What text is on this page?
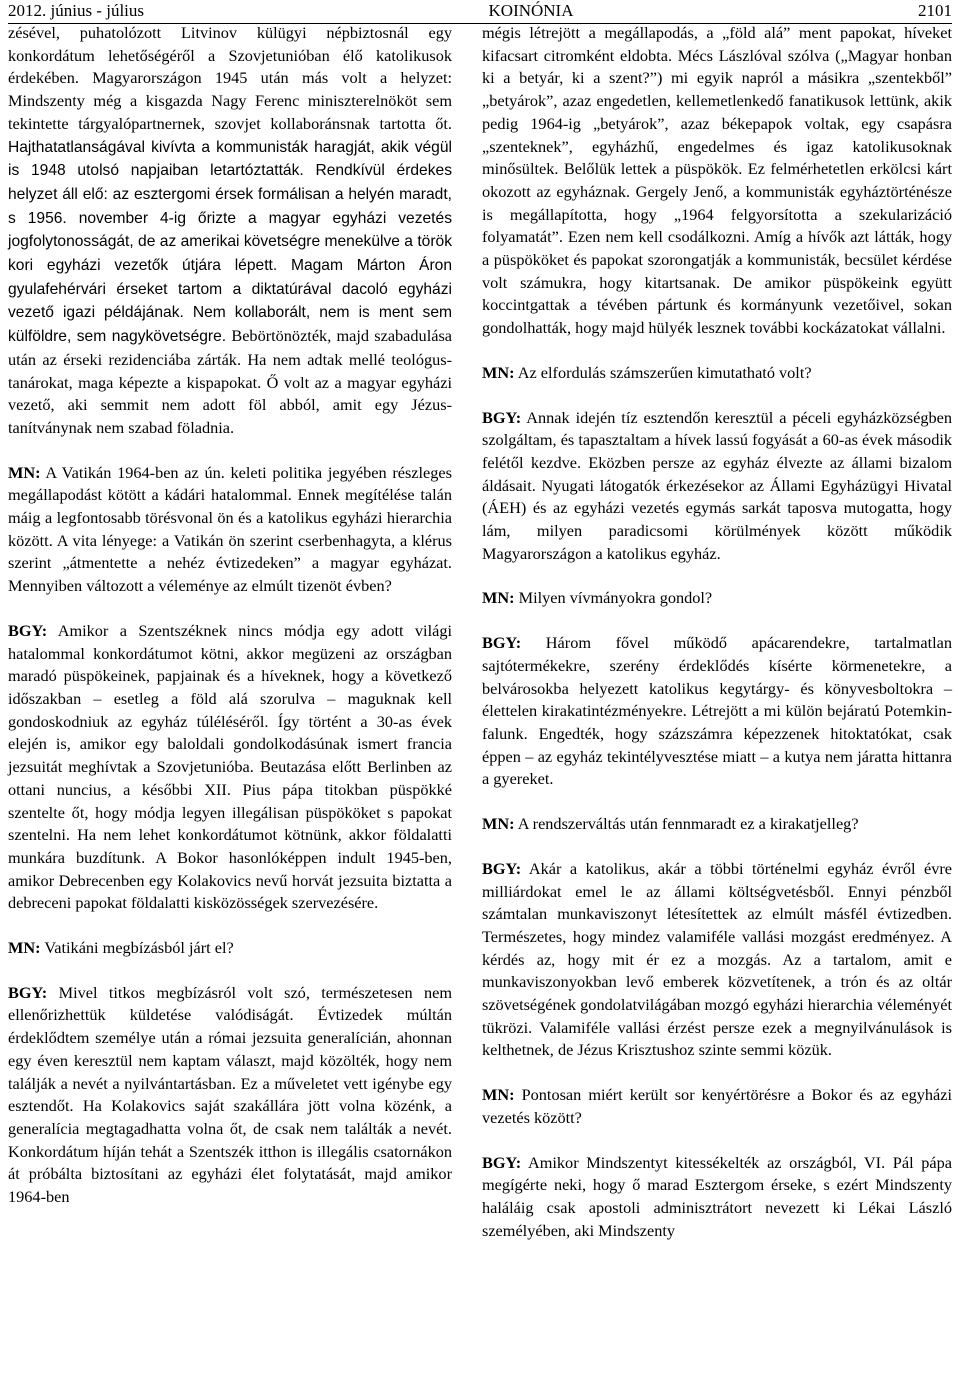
2012. június - július	KOINÓNIA	2101

zésével, puhatolózott Litvinov külügyi népbiztosnál egy konkordátum lehetőségéről a Szovjetunióban élő katolikusok érdekében. Magyarországon 1945 után más volt a helyzet: Mindszenty még a kisgazda Nagy Ferenc miniszterelnököt sem tekintette tárgyalópartnernek, szovjet kollaboránsnak tartotta őt. Hajthatatlanságával kivívta a kommunisták haragját, akik végül is 1948 utolsó napjaiban letartóztatták. Rendkívül érdekes helyzet áll elő: az esztergomi érsek formálisan a helyén maradt, s 1956. november 4-ig őrizte a magyar egyházi vezetés jogfolytonosságát, de az amerikai követségre menekülve a török kori egyházi vezetők útjára lépett. Magam Márton Áron gyulafehérvári érseket tartom a diktatúrával dacoló egyházi vezető igazi példájának. Nem kollaborált, nem is ment sem külföldre, sem nagykövetségre. Bebörtönözték, majd szabadulása után az érseki rezidenciába zárták. Ha nem adtak mellé teológus-tanárokat, maga képezte a kispapokat. Ő volt az a magyar egyházi vezető, aki semmit nem adott föl abból, amit egy Jézus-tanítványnak nem szabad föladnia.

MN: A Vatikán 1964-ben az ún. keleti politika jegyében részleges megállapodást kötött a kádári hatalommal. Ennek megítélése talán máig a legfontosabb törésvonal ön és a katolikus egyházi hierarchia között. A vita lényege: a Vatikán ön szerint cserbenhagyta, a klérus szerint „átmentette a nehéz évtizedeken” a magyar egyházat. Mennyiben változott a véleménye az elmúlt tizenöt évben?

BGY: Amikor a Szentszéknek nincs módja egy adott világi hatalommal konkordátumot kötni, akkor megüzeni az országban maradó püspökeinek, papjainak és a híveknek, hogy a következő időszakban – esetleg a föld alá szorulva – maguknak kell gondoskodniuk az egyház túléléséről. Így történt a 30-as évek elején is, amikor egy baloldali gondolkodásúnak ismert francia jezsuitát meghívtak a Szovjetunióba. Beutazása előtt Berlinben az ottani nuncius, a későbbi XII. Pius pápa titokban püspökké szentelte őt, hogy módja legyen illegálisan püspököket s papokat szentelni. Ha nem lehet konkordátumot kötnünk, akkor földalatti munkára buzdítunk. A Bokor hasonlóképpen indult 1945-ben, amikor Debrecenben egy Kolakovics nevű horvát jezsuita biztatta a debreceni papokat földalatti kisközösségek szervezésére.

MN: Vatikáni megbízásból járt el?

BGY: Mivel titkos megbízásról volt szó, természetesen nem ellenőrizhettük küldetése valódiságát. Évtizedek múltán érdeklődtem személye után a római jezsuita generalícián, ahonnan egy éven keresztül nem kaptam választ, majd közölték, hogy nem találják a nevét a nyilvántartásban. Ez a műveletet vett igénybe egy esztendőt. Ha Kolakovics saját szakállára jött volna közénk, a generalícia megtagadhatta volna őt, de csak nem találták a nevét. Konkordátum híján tehát a Szentszék itthon is illegális csatornákon át próbálta biztosítani az egyházi élet folytatását, majd amikor 1964-ben

mégis létrejött a megállapodás, a „föld alá” ment papokat, híveket kifacsart citromként eldobta. Mécs Lászlóval szólva („Magyar honban ki a betyár, ki a szent?”) mi egyik napról a másikra „szentekből” „betyárok”, azaz engedetlen, kellemetlenkedő fanatikusok lettünk, akik pedig 1964-ig „betyárok”, azaz békepapok voltak, egy csapásra „szenteknek”, egyházhű, engedelmes és igaz katolikusoknak minősültek. Belőlük lettek a püspökök. Ez felmérhetetlen erkölcsi kárt okozott az egyháznak. Gergely Jenő, a kommunisták egyháztörténésze is megállapította, hogy „1964 felgyorsította a szekularizáció folyamatát”. Ezen nem kell csodálkozni. Amíg a hívők azt látták, hogy a püspököket és papokat szorongatják a kommunisták, becsület kérdése volt számukra, hogy kitartsanak. De amikor püspökeink együtt koccintgattak a tévében pártunk és kormányunk vezetőivel, sokan gondolhatták, hogy majd hülyék lesznek további kockázatokat vállalni.

MN: Az elfordulás számszerűen kimutatható volt?

BGY: Annak idején tíz esztendőn keresztül a péceli egyházközségben szolgáltam, és tapasztaltam a hívek lassú fogyását a 60-as évek második felétől kezdve. Eközben persze az egyház élvezte az állami bizalom áldásait. Nyugati látogatók érkezésekor az Állami Egyházügyi Hivatal (ÁEH) és az egyházi vezetés egymás sarkát taposva mutogatta, hogy lám, milyen paradicsomi körülmények között működik Magyarországon a katolikus egyház.

MN: Milyen vívmányokra gondol?

BGY: Három fővel működő apácarendekre, tartalmatlan sajtótermékekre, szerény érdeklődés kísérte körmenetekre, a belvárosokba helyezett katolikus kegytárgy- és könyvesboltokra – élettelen kirakatintézményekre. Létrejött a mi külön bejáratú Potemkin-falunk. Engedték, hogy százszámra képezzenek hitoktatókat, csak éppen – az egyház tekintélyvesztése miatt – a kutya nem járatta hittanra a gyereket.

MN: A rendszerváltás után fennmaradt ez a kirakatjelleg?

BGY: Akár a katolikus, akár a többi történelmi egyház évről évre milliárdokat emel le az állami költségvetésből. Ennyi pénzből számtalan munkaviszonyt létesítettek az elmúlt másfél évtizedben. Természetes, hogy mindez valamiféle vallási mozgást eredményez. A kérdés az, hogy mit ér ez a mozgás. Az a tartalom, amit e munkaviszonyokban levő emberek közvetítenek, a trón és az oltár szövetségének gondolatvilágában mozgó egyházi hierarchia véleményét tükrözi. Valamiféle vallási érzést persze ezek a megnyilvánulások is kelthetnek, de Jézus Krisztushoz szinte semmi közük.

MN: Pontosan miért került sor kenyértörésre a Bokor és az egyházi vezetés között?

BGY: Amikor Mindszentyt kitessékelték az országból, VI. Pál pápa megígérte neki, hogy ő marad Esztergom érseke, s ezért Mindszenty haláláig csak apostoli adminisztrátort nevezett ki Lékai László személyében, aki Mindszenty
